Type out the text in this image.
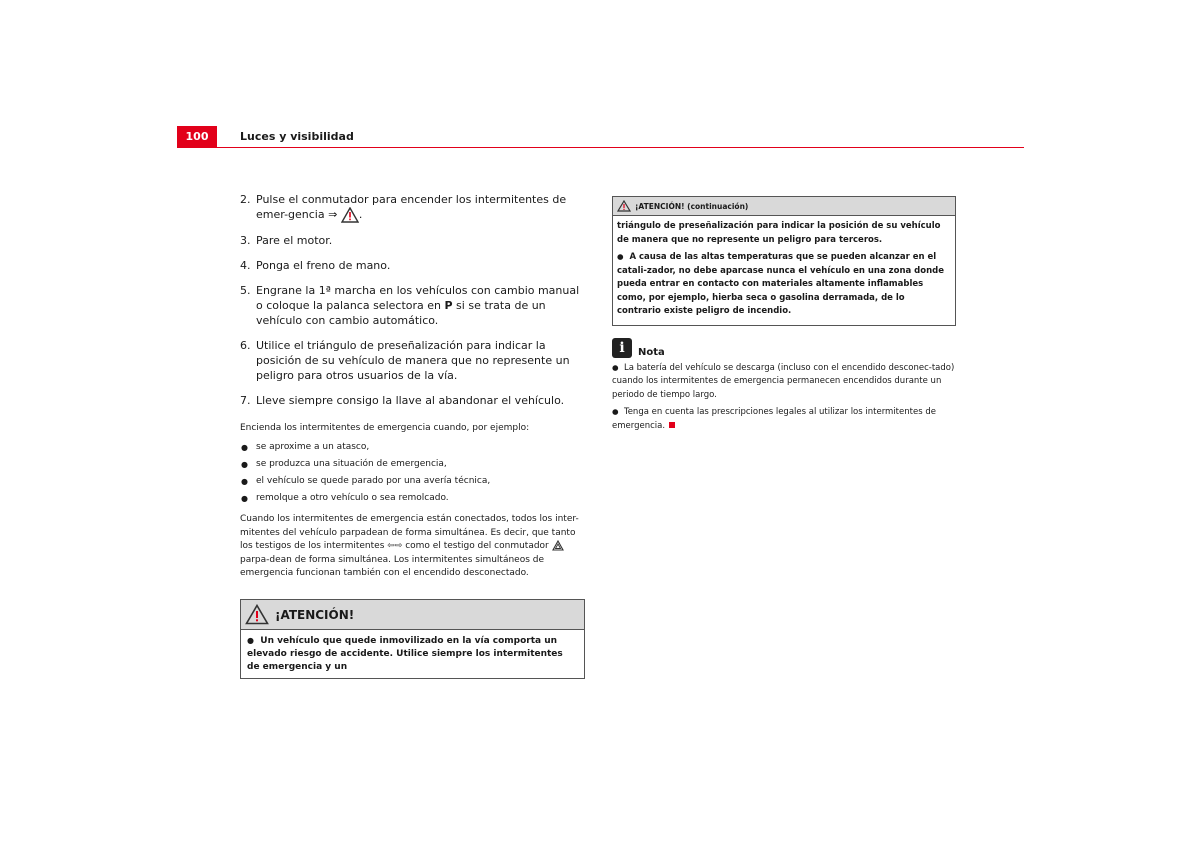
100	Luces y visibilidad
2. Pulse el conmutador para encender los intermitentes de emer-gencia ⇒ .
3. Pare el motor.
4. Ponga el freno de mano.
5. Engrane la 1ª marcha en los vehículos con cambio manual o coloque la palanca selectora en P si se trata de un vehículo con cambio automático.
6. Utilice el triángulo de preseñalización para indicar la posición de su vehículo de manera que no represente un peligro para otros usuarios de la vía.
7. Lleve siempre consigo la llave al abandonar el vehículo.
Encienda los intermitentes de emergencia cuando, por ejemplo:
● se aproxime a un atasco,
● se produzca una situación de emergencia,
● el vehículo se quede parado por una avería técnica,
● remolque a otro vehículo o sea remolcado.
Cuando los intermitentes de emergencia están conectados, todos los inter-mitentes del vehículo parpadean de forma simultánea. Es decir, que tanto los testigos de los intermitentes ⇦⇨ como el testigo del conmutador  parpa-dean de forma simultánea. Los intermitentes simultáneos de emergencia funcionan también con el encendido desconectado.
¡ATENCIÓN!
● Un vehículo que quede inmovilizado en la vía comporta un elevado riesgo de accidente. Utilice siempre los intermitentes de emergencia y un
¡ATENCIÓN! (continuación)

triángulo de preseñalización para indicar la posición de su vehículo de manera que no represente un peligro para terceros.

● A causa de las altas temperaturas que se pueden alcanzar en el catali-zador, no debe aparcase nunca el vehículo en una zona donde pueda entrar en contacto con materiales altamente inflamables como, por ejemplo, hierba seca o gasolina derramada, de lo contrario existe peligro de incendio.

i	Nota
● La batería del vehículo se descarga (incluso con el encendido desconec-tado) cuando los intermitentes de emergencia permanecen encendidos durante un periodo de tiempo largo.
● Tenga en cuenta las prescripciones legales al utilizar los intermitentes de emergencia.
